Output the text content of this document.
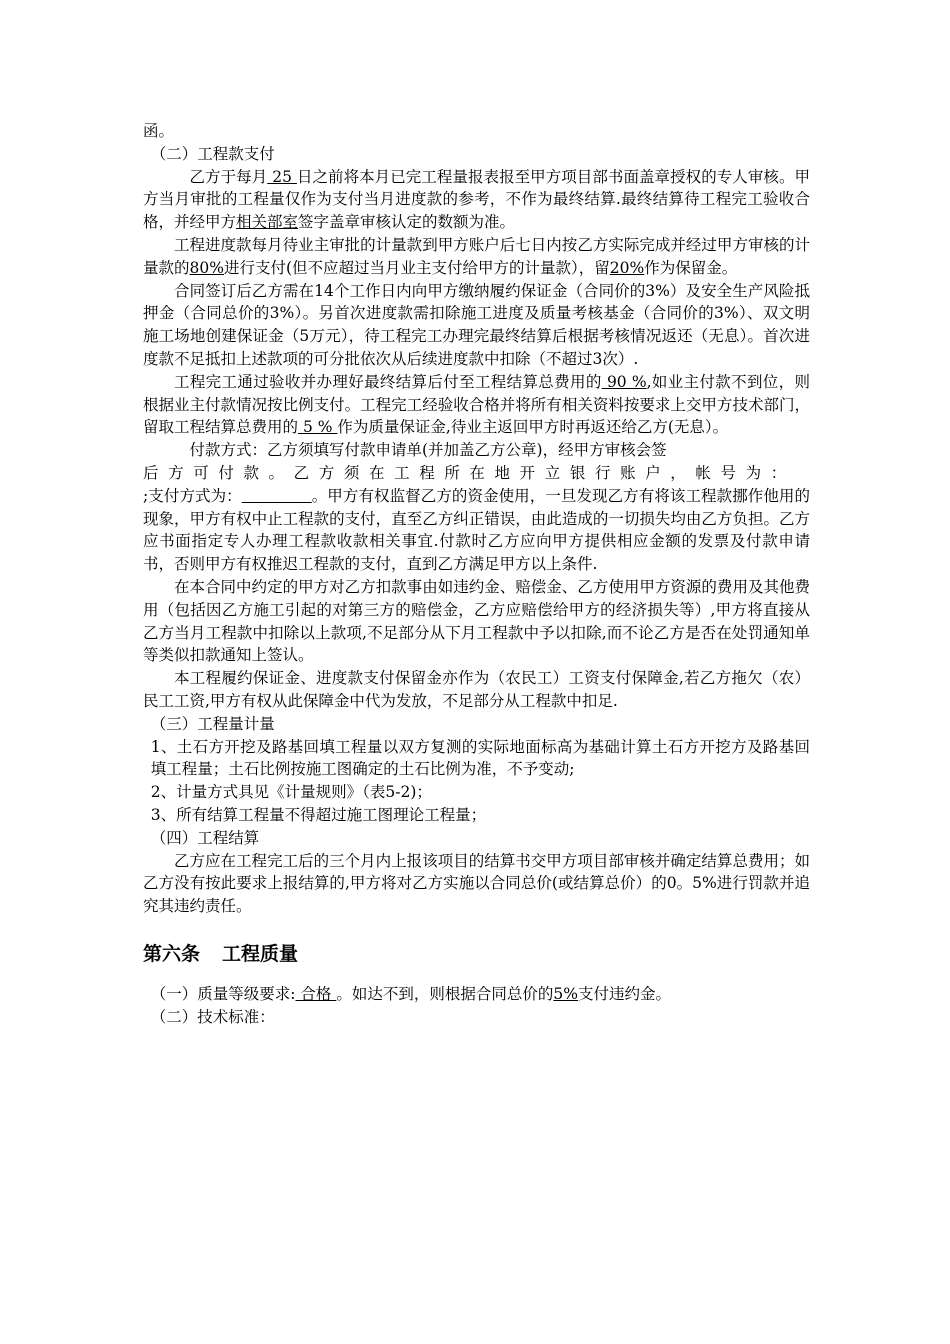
函。

（二）工程款支付

乙方于每月 25 日之前将本月已完工程量报表报至甲方项目部书面盖章授权的专人审核。甲方当月审批的工程量仅作为支付当月进度款的参考，不作为最终结算.最终结算待工程完工验收合格，并经甲方相关部室签字盖章审核认定的数额为准。

工程进度款每月待业主审批的计量款到甲方账户后七日内按乙方实际完成并经过甲方审核的计量款的80%进行支付(但不应超过当月业主支付给甲方的计量款），留20%作为保留金。

合同签订后乙方需在14个工作日内向甲方缴纳履约保证金（合同价的3%）及安全生产风险抵押金（合同总价的3%）。另首次进度款需扣除施工进度及质量考核基金（合同价的3%）、双文明施工场地创建保证金（5万元），待工程完工办理完最终结算后根据考核情况返还（无息）。首次进度款不足抵扣上述款项的可分批依次从后续进度款中扣除（不超过3次）.

工程完工通过验收并办理好最终结算后付至工程结算总费用的 90 %,如业主付款不到位，则根据业主付款情况按比例支付。工程完工经验收合格并将所有相关资料按要求上交甲方技术部门，留取工程结算总费用的 5 % 作为质量保证金,待业主返回甲方时再返还给乙方(无息）。

付款方式：乙方须填写付款申请单(并加盖乙方公章)，经甲方审核会签

后方可付款。乙方须在工程所在地开立银行账户，帐号为：

;支付方式为：	。甲方有权监督乙方的资金使用，一旦发现乙方有将该工程款挪作他用的现象，甲方有权中止工程款的支付，直至乙方纠正错误，由此造成的一切损失均由乙方负担。乙方应书面指定专人办理工程款收款相关事宜.付款时乙方应向甲方提供相应金额的发票及付款申请书，否则甲方有权推迟工程款的支付，直到乙方满足甲方以上条件.

在本合同中约定的甲方对乙方扣款事由如违约金、赔偿金、乙方使用甲方资源的费用及其他费用（包括因乙方施工引起的对第三方的赔偿金，乙方应赔偿给甲方的经济损失等）,甲方将直接从乙方当月工程款中扣除以上款项,不足部分从下月工程款中予以扣除,而不论乙方是否在处罚通知单等类似扣款通知上签认。

本工程履约保证金、进度款支付保留金亦作为（农民工）工资支付保障金,若乙方拖欠（农）民工工资,甲方有权从此保障金中代为发放，不足部分从工程款中扣足.

（三）工程量计量

1、土石方开挖及路基回填工程量以双方复测的实际地面标高为基础计算土石方开挖方及路基回填工程量；土石比例按施工图确定的土石比例为准，不予变动;

2、计量方式具见《计量规则》（表5-2)；

3、所有结算工程量不得超过施工图理论工程量；

（四）工程结算

乙方应在工程完工后的三个月内上报该项目的结算书交甲方项目部审核并确定结算总费用；如乙方没有按此要求上报结算的,甲方将对乙方实施以合同总价(或结算总价）的0。5%进行罚款并追究其违约责任。

第六条 工程质量

（一）质量等级要求: 合格 。如达不到，则根据合同总价的5%支付违约金。

（二）技术标准：
